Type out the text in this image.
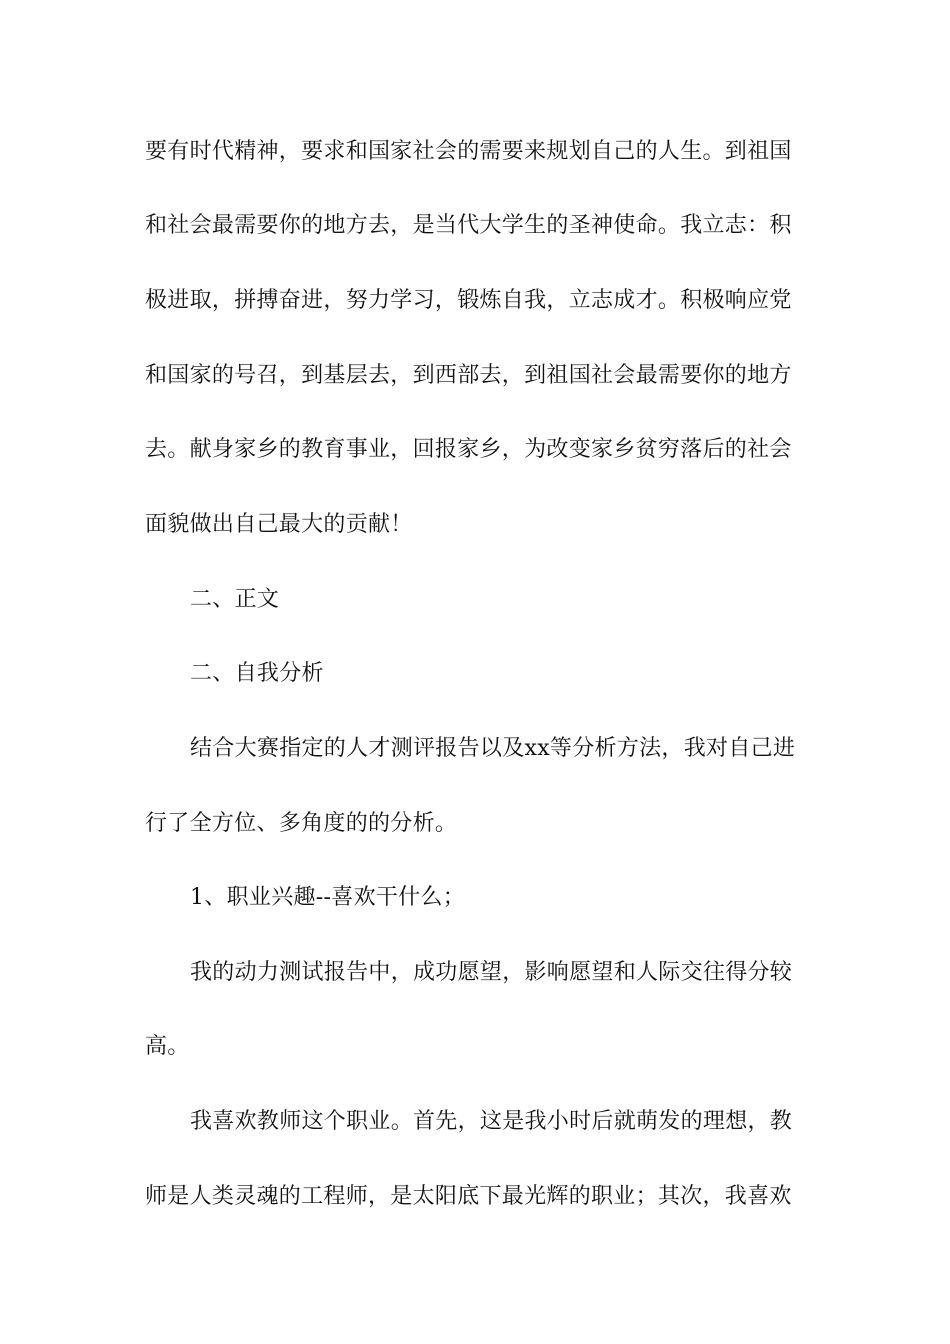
要有时代精神，要求和国家社会的需要来规划自己的人生。到祖国
和社会最需要你的地方去，是当代大学生的圣神使命。我立志：积
极进取，拼搏奋进，努力学习，锻炼自我，立志成才。积极响应党
和国家的号召，到基层去，到西部去，到祖国社会最需要你的地方
去。献身家乡的教育事业，回报家乡，为改变家乡贫穷落后的社会
面貌做出自己最大的贡献！
二、正文
二、自我分析
结合大赛指定的人才测评报告以及xx等分析方法，我对自己进
行了全方位、多角度的的分析。
1、职业兴趣--喜欢干什么；
我的动力测试报告中，成功愿望，影响愿望和人际交往得分较
高。
我喜欢教师这个职业。首先，这是我小时后就萌发的理想，教
师是人类灵魂的工程师，是太阳底下最光辉的职业；其次，我喜欢
